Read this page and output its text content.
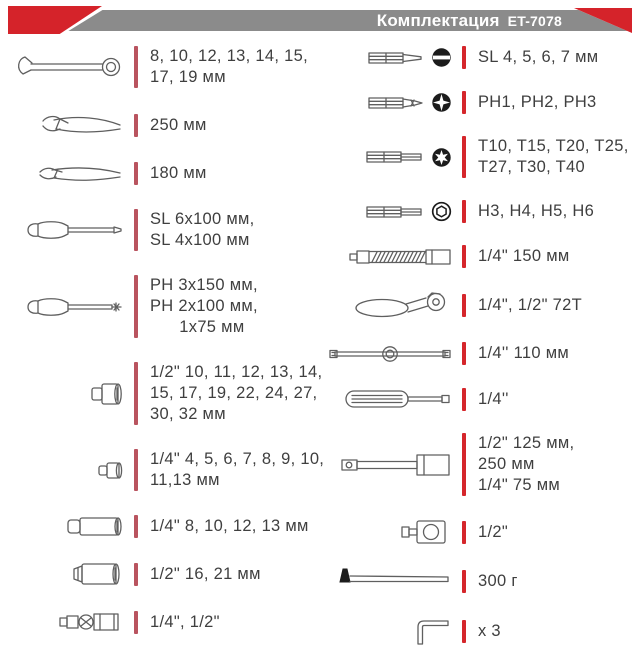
Комплектация ET-7078
8, 10, 12, 13, 14, 15,
17, 19 мм
250 мм
180 мм
SL 6x100 мм,
SL 4x100 мм
PH 3x150 мм,
PH 2x100 мм,
1x75 мм
1/2" 10, 11, 12, 13, 14,
15, 17, 19, 22, 24, 27,
30, 32 мм
1/4" 4, 5, 6, 7, 8, 9, 10,
11,13 мм
1/4" 8, 10, 12, 13 мм
1/2" 16, 21 мм
1/4", 1/2"
SL 4, 5, 6, 7 мм
PH1, PH2, PH3
T10, T15, T20, T25,
T27, T30, T40
H3, H4, H5, H6
1/4" 150 мм
1/4", 1/2" 72T
1/4'' 110 мм
1/4''
1/2" 125 мм,
250 мм
1/4" 75 мм
1/2"
300 г
x 3
